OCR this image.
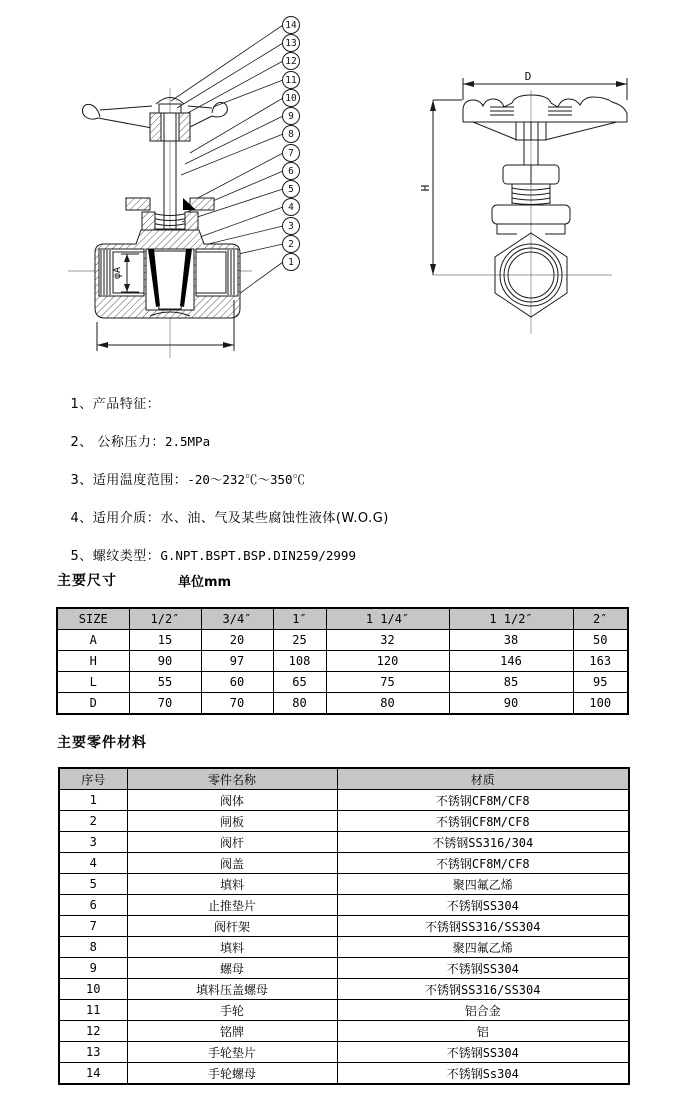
14
13
12
11
10
9
8
7
6
5
4
3
2
1
φA
D
H

1、产品特征：

2、 公称压力：2.5MPa

3、适用温度范围：-20～232℃～350℃

4、适用介质：水、油、气及某些腐蚀性液体(W.O.G)

5、螺纹类型：G.NPT.BSPT.BSP.DIN259/2999

主要尺寸	单位mm
SIZE	1/2″	3/4″	1″	1 1/4″	1 1/2″	2″
A	15	20	25	32	38	50
H	90	97	108	120	146	163
L	55	60	65	75	85	95
D	70	70	80	80	90	100
主要零件材料
序号	零件名称	材质
1	阀体	不锈钢CF8M/CF8
2	闸板	不锈钢CF8M/CF8
3	阀杆	不锈钢SS316/304
4	阀盖	不锈钢CF8M/CF8
5	填料	聚四氟乙烯
6	止推垫片	不锈钢SS304
7	阀杆架	不锈钢SS316/SS304
8	填料	聚四氟乙烯
9	螺母	不锈钢SS304
10	填料压盖螺母	不锈钢SS316/SS304
11	手轮	铝合金
12	铭牌	铝
13	手轮垫片	不锈钢SS304
14	手轮螺母	不锈钢Ss304
